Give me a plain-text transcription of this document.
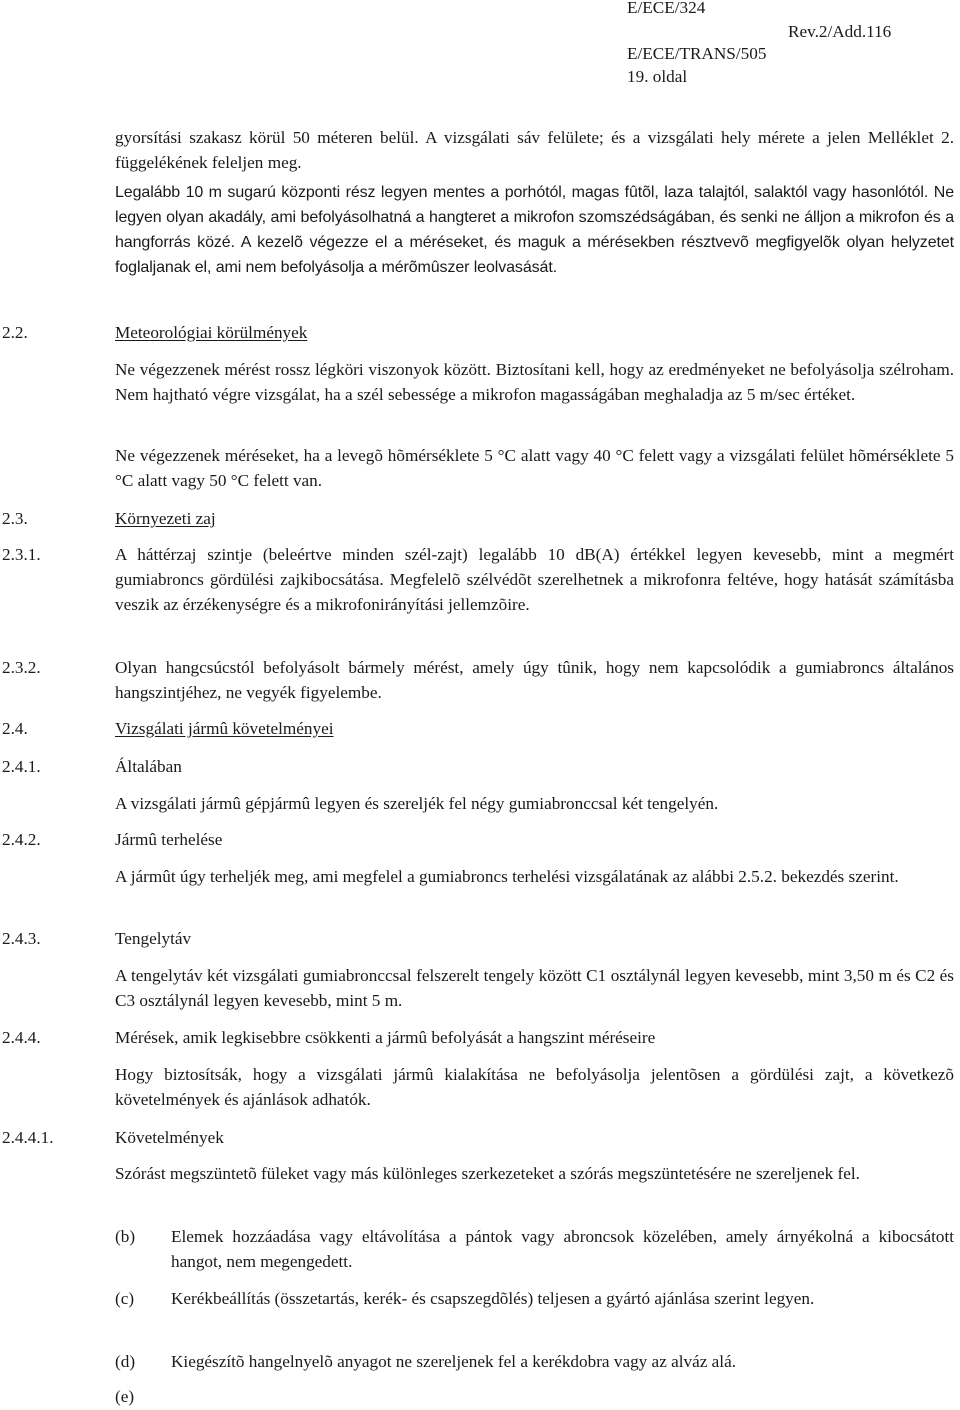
E/ECE/324
Rev.2/Add.116
E/ECE/TRANS/505
19. oldal
gyorsítási szakasz körül 50 méteren belül. A vizsgálati sáv felülete; és a vizsgálati hely mérete a jelen Melléklet 2. függelékének feleljen meg.
Legalább 10 m sugarú központi rész legyen mentes a porhótól, magas fûtõl, laza talajtól, salaktól vagy hasonlótól. Ne legyen olyan akadály, ami befolyásolhatná a hangteret a mikrofon szomszédságában, és senki ne álljon a mikrofon és a hangforrás közé. A kezelõ végezze el a méréseket, és maguk a mérésekben résztvevõ megfigyelõk olyan helyzetet foglaljanak el, ami nem befolyásolja a mérõmûszer leolvasását.
2.2.	Meteorológiai körülmények
Ne végezzenek mérést rossz légköri viszonyok között. Biztosítani kell, hogy az eredményeket ne befolyásolja szélroham. Nem hajtható végre vizsgálat, ha a szél sebessége a mikrofon magasságában meghaladja az 5 m/sec értéket.
Ne végezzenek méréseket, ha a levegõ hõmérséklete 5 °C alatt vagy 40 °C felett vagy a vizsgálati felület hõmérséklete 5 °C alatt vagy 50 °C felett van.
2.3.	Környezeti zaj
2.3.1.	A háttérzaj szintje (beleértve minden szél-zajt) legalább 10 dB(A) értékkel legyen kevesebb, mint a megmért gumiabroncs gördülési zajkibocsátása. Megfelelõ szélvédõt szerelhetnek a mikrofonra feltéve, hogy hatását számításba veszik az érzékenységre és a mikrofonirányítási jellemzõire.
2.3.2.	Olyan hangcsúcstól befolyásolt bármely mérést, amely úgy tûnik, hogy nem kapcsolódik a gumiabroncs általános hangszintjéhez, ne vegyék figyelembe.
2.4.	Vizsgálati jármû követelményei
2.4.1.	Általában
A vizsgálati jármû gépjármû legyen és szereljék fel négy gumiabronccsal két tengelyén.
2.4.2.	Jármû terhelése
A jármût úgy terheljék meg, ami megfelel a gumiabroncs terhelési vizsgálatának az alábbi 2.5.2. bekezdés szerint.
2.4.3.	Tengelytáv
A tengelytáv két vizsgálati gumiabronccsal felszerelt tengely között C1 osztálynál legyen kevesebb, mint 3,50 m és C2 és C3 osztálynál legyen kevesebb, mint 5 m.
2.4.4.	Mérések, amik legkisebbre csökkenti a jármû befolyását a hangszint méréseire
Hogy biztosítsák, hogy a vizsgálati jármû kialakítása ne befolyásolja jelentõsen a gördülési zajt, a következõ követelmények és ajánlások adhatók.
2.4.4.1.	Követelmények
Szórást megszüntetõ füleket vagy más különleges szerkezeteket a szórás megszüntetésére ne szereljenek fel.
(b) Elemek hozzáadása vagy eltávolítása a pántok vagy abroncsok közelében, amely árnyékolná a kibocsátott hangot, nem megengedett.
(c) Kerékbeállítás (összetartás, kerék- és csapszegdõlés) teljesen a gyártó ajánlása szerint legyen.
(d) Kiegészítõ hangelnyelõ anyagot ne szereljenek fel a kerékdobra vagy az alváz alá.
(e)
